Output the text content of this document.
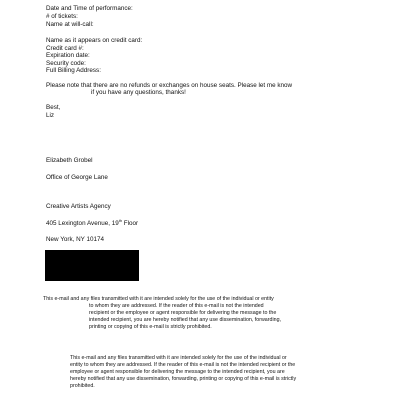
Date and Time of performance:
# of tickets:
Name at will-call:
Name as it appears on credit card:
Credit card #:
Expiration date:
Security code:
Full Billing Address:
Please note that there are no refunds or exchanges on house seats. Please let me know
if you have any questions, thanks!
Best,
Liz
Elizabeth Grobel
Office of George Lane
Creative Artists Agency
405 Lexington Avenue, 19th Floor
New York, NY 10174
This e-mail and any files transmitted with it are intended solely for the use of the individual or entity
to whom they are addressed. If the reader of this e-mail is not the intended
recipient or the employee or agent responsible for delivering the message to the
intended recipient, you are hereby notified that any use dissemination, forwarding,
printing or copying of this e-mail is strictly prohibited.
This e-mail and any files transmitted with it are intended solely for the use of the individual or
entity to whom they are addressed. If the reader of this e-mail is not the intended recipient or the
employee or agent responsible for delivering the message to the intended recipient, you are
hereby notified that any use dissemination, forwarding, printing or copying of this e-mail is strictly
prohibited.
